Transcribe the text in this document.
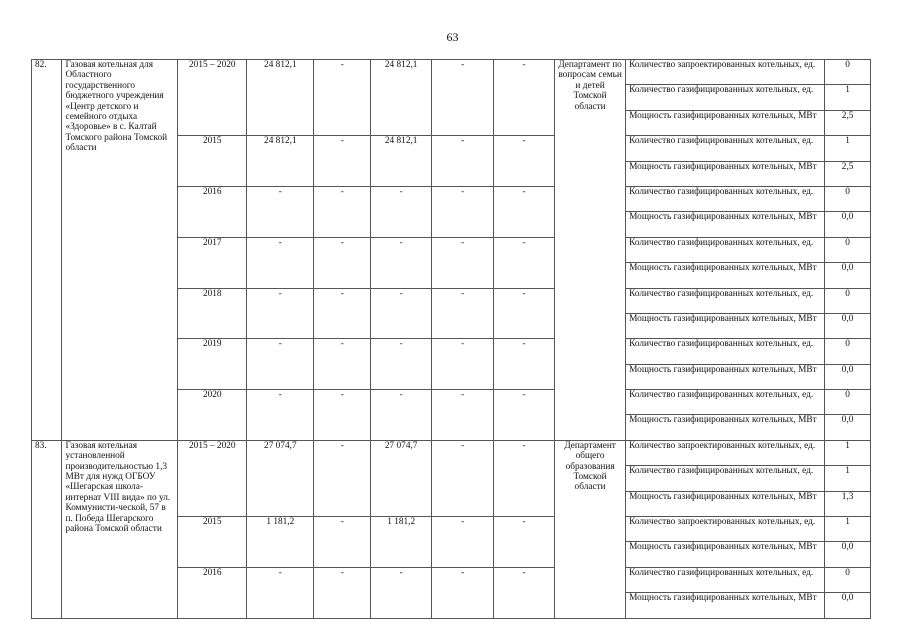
63
82.	Газовая котельная для Областного государственного бюджетного учреждения «Центр детского и семейного отдыха «Здоровье» в с. Калтай Томского района Томской области	2015 – 2020	24 812,1	-	24 812,1	-	-	Департамент по вопросам семьи и детей Томской области	Количество запроектированных котельных, ед.	0
									Количество газифицированных котельных, ед.	1
									Мощность газифицированных котельных, МВт	2,5
		2015	24 812,1	-	24 812,1	-	-		Количество газифицированных котельных, ед.	1
									Мощность газифицированных котельных, МВт	2,5
		2016	-	-	-	-	-		Количество газифицированных котельных, ед.	0
									Мощность газифицированных котельных, МВт	0,0
		2017	-	-	-	-	-		Количество газифицированных котельных, ед.	0
									Мощность газифицированных котельных, МВт	0,0
		2018	-	-	-	-	-		Количество газифицированных котельных, ед.	0
									Мощность газифицированных котельных, МВт	0,0
		2019	-	-	-	-	-		Количество газифицированных котельных, ед.	0
									Мощность газифицированных котельных, МВт	0,0
		2020	-	-	-	-	-		Количество газифицированных котельных, ед.	0
									Мощность газифицированных котельных, МВт	0,0
83.	Газовая котельная установленной производительностью 1,3 МВт для нужд ОГБОУ «Шегарская школа-интернат VIII вида» по ул. Коммунисти-ческой, 57 в п. Победа Шегарского района Томской области	2015 – 2020	27 074,7	-	27 074,7	-	-	Департамент общего образования Томской области	Количество запроектированных котельных, ед.	1
									Количество газифицированных котельных, ед.	1
									Мощность газифицированных котельных, МВт	1,3
		2015	1 181,2	-	1 181,2	-	-		Количество запроектированных котельных, ед.	1
									Мощность газифицированных котельных, МВт	0,0
		2016	-	-	-	-	-		Количество газифицированных котельных, ед.	0
									Мощность газифицированных котельных, МВт	0,0
